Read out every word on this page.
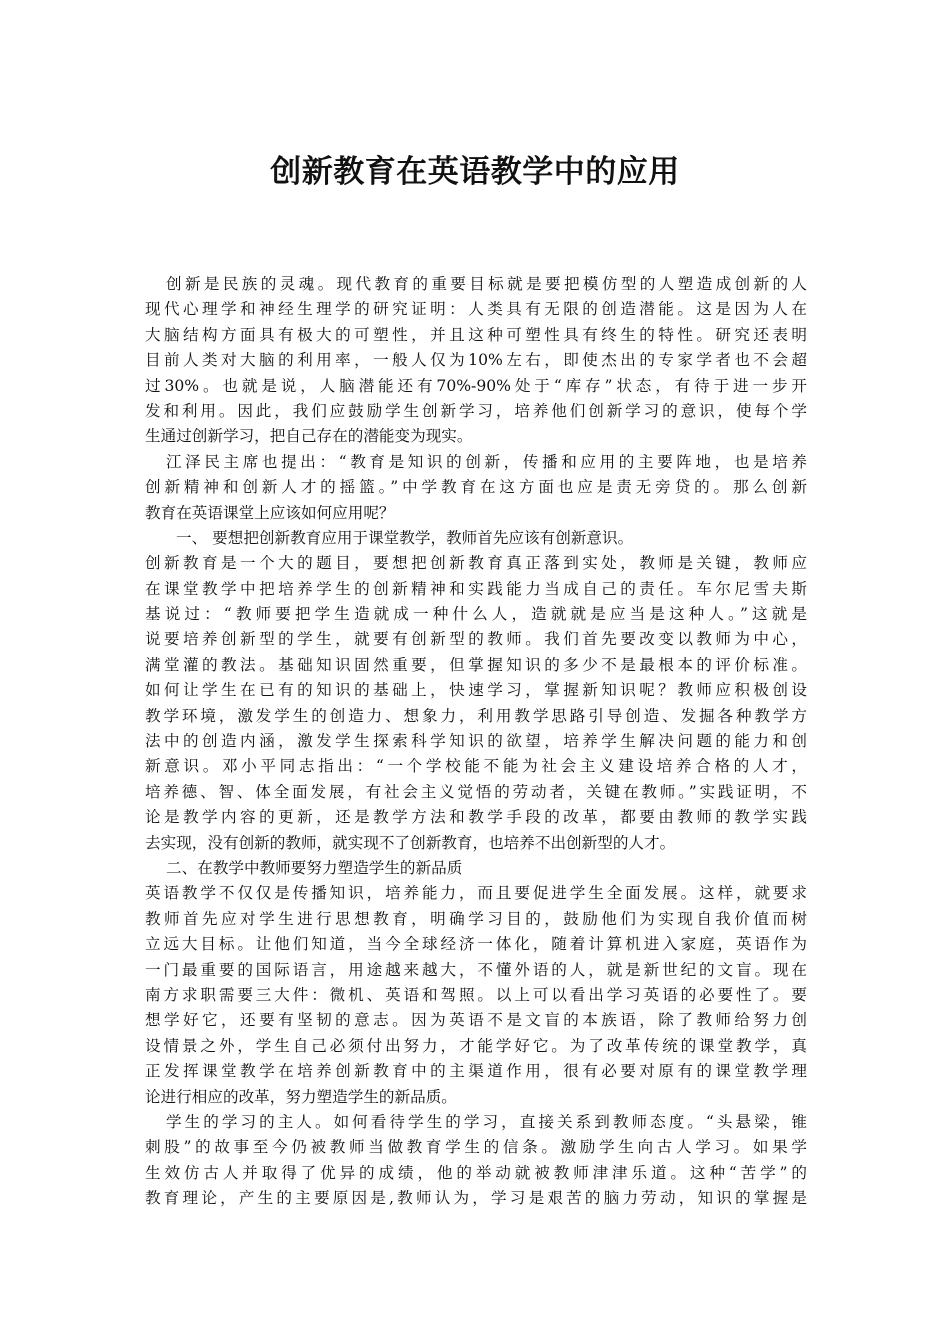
创新教育在英语教学中的应用
创新是民族的灵魂。现代教育的重要目标就是要把模仿型的人塑造成创新的人
现代心理学和神经生理学的研究证明：人类具有无限的创造潜能。这是因为人在
大脑结构方面具有极大的可塑性，并且这种可塑性具有终生的特性。研究还表明
目前人类对大脑的利用率，一般人仅为10%左右，即使杰出的专家学者也不会超
过30%。也就是说，人脑潜能还有70%-90%处于“库存”状态，有待于进一步开
发和利用。因此，我们应鼓励学生创新学习，培养他们创新学习的意识，使每个学
生通过创新学习，把自己存在的潜能变为现实。
江泽民主席也提出：“教育是知识的创新，传播和应用的主要阵地，也是培养
创新精神和创新人才的摇篮。”中学教育在这方面也应是责无旁贷的。那么创新
教育在英语课堂上应该如何应用呢？
一、 要想把创新教育应用于课堂教学，教师首先应该有创新意识。
创新教育是一个大的题目，要想把创新教育真正落到实处，教师是关键，教师应
在课堂教学中把培养学生的创新精神和实践能力当成自己的责任。车尔尼雪夫斯
基说过：“教师要把学生造就成一种什么人，造就就是应当是这种人。”这就是
说要培养创新型的学生，就要有创新型的教师。我们首先要改变以教师为中心，
满堂灌的教法。基础知识固然重要，但掌握知识的多少不是最根本的评价标准。
如何让学生在已有的知识的基础上，快速学习，掌握新知识呢？教师应积极创设
教学环境，激发学生的创造力、想象力，利用教学思路引导创造、发掘各种教学方
法中的创造内涵，激发学生探索科学知识的欲望，培养学生解决问题的能力和创
新意识。邓小平同志指出：“一个学校能不能为社会主义建设培养合格的人才，
培养德、智、体全面发展，有社会主义觉悟的劳动者，关键在教师。”实践证明，不
论是教学内容的更新，还是教学方法和教学手段的改革，都要由教师的教学实践
去实现，没有创新的教师，就实现不了创新教育，也培养不出创新型的人才。
二、在教学中教师要努力塑造学生的新品质
英语教学不仅仅是传播知识，培养能力，而且要促进学生全面发展。这样，就要求
教师首先应对学生进行思想教育，明确学习目的，鼓励他们为实现自我价值而树
立远大目标。让他们知道，当今全球经济一体化，随着计算机进入家庭，英语作为
一门最重要的国际语言，用途越来越大，不懂外语的人，就是新世纪的文盲。现在
南方求职需要三大件：微机、英语和驾照。以上可以看出学习英语的必要性了。要
想学好它，还要有坚韧的意志。因为英语不是文盲的本族语，除了教师给努力创
设情景之外，学生自己必须付出努力，才能学好它。为了改革传统的课堂教学，真
正发挥课堂教学在培养创新教育中的主渠道作用，很有必要对原有的课堂教学理
论进行相应的改革，努力塑造学生的新品质。
学生的学习的主人。如何看待学生的学习，直接关系到教师态度。“头悬梁，锥
刺股”的故事至今仍被教师当做教育学生的信条。激励学生向古人学习。如果学
生效仿古人并取得了优异的成绩，他的举动就被教师津津乐道。这种“苦学”的
教育理论，产生的主要原因是,教师认为，学习是艰苦的脑力劳动，知识的掌握是
